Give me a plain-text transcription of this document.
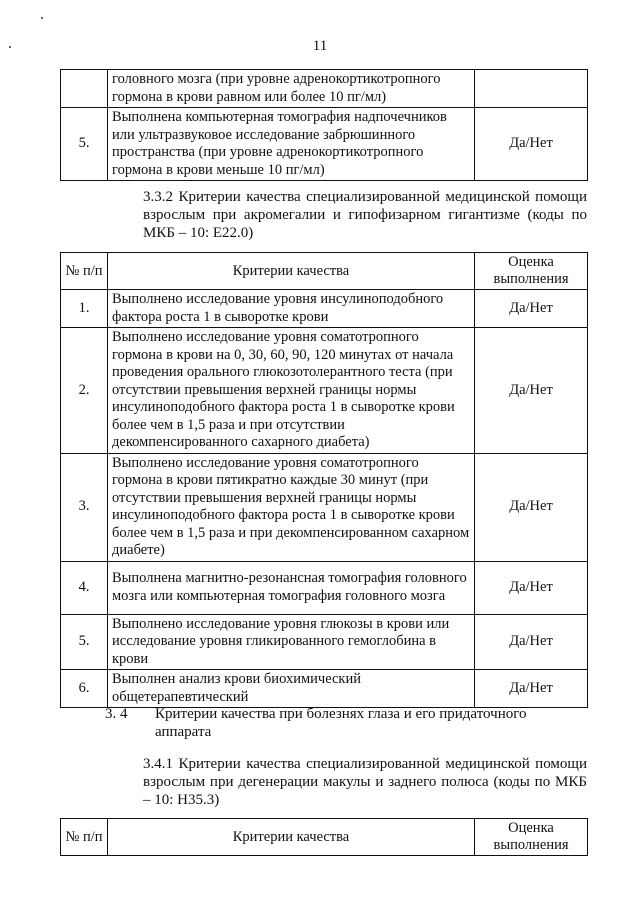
11
	головного мозга (при уровне адренокортикотропного гормона в крови равном или более 10 пг/мл)	
5.	Выполнена компьютерная томография надпочечников или ультразвуковое исследование забрюшинного пространства (при уровне адренокортикотропного гормона в крови меньше 10 пг/мл)	Да/Нет
3.3.2 Критерии качества специализированной медицинской помощи взрослым при акромегалии и гипофизарном гигантизме (коды по МКБ – 10: E22.0)
№ п/п	Критерии качества	Оценка выполнения
1.	Выполнено исследование уровня инсулиноподобного фактора роста 1 в сыворотке крови	Да/Нет
2.	Выполнено исследование уровня соматотропного гормона в крови на 0, 30, 60, 90, 120 минутах от начала проведения орального глюкозотолерантного теста (при отсутствии превышения верхней границы нормы инсулиноподобного фактора роста 1 в сыворотке крови более чем в 1,5 раза и при отсутствии декомпенсированного сахарного диабета)	Да/Нет
3.	Выполнено исследование уровня соматотропного гормона в крови пятикратно каждые 30 минут (при отсутствии превышения верхней границы нормы инсулиноподобного фактора роста 1 в сыворотке крови более чем в 1,5 раза и при декомпенсированном сахарном диабете)	Да/Нет
4.	Выполнена магнитно-резонансная томография головного мозга или компьютерная томография головного мозга	Да/Нет
5.	Выполнено исследование уровня глюкозы в крови или исследование уровня гликированного гемоглобина в крови	Да/Нет
6.	Выполнен анализ крови биохимический общетерапевтический	Да/Нет
3. 4 Критерии качества при болезнях глаза и его придаточного аппарата
3.4.1 Критерии качества специализированной медицинской помощи взрослым при дегенерации макулы и заднего полюса (коды по МКБ – 10: H35.3)
№ п/п	Критерии качества	Оценка выполнения
